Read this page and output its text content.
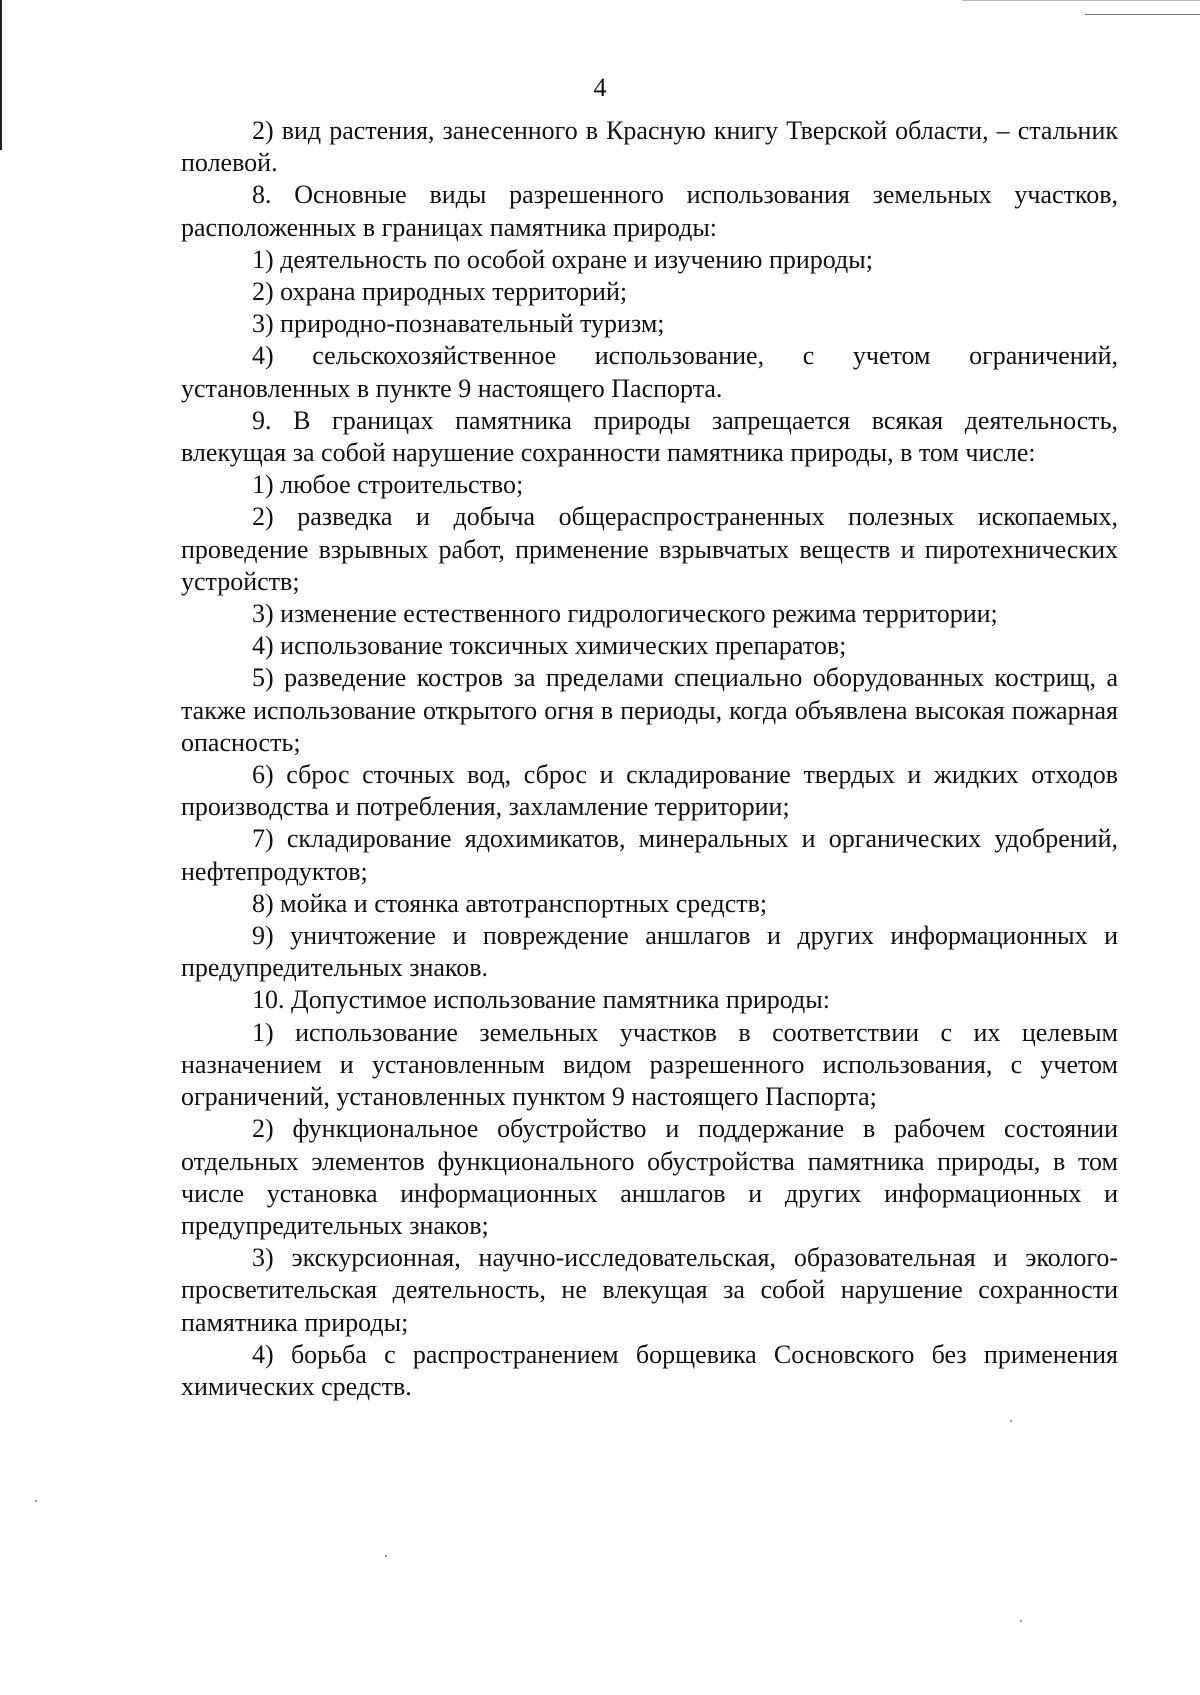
4

2) вид растения, занесенного в Красную книгу Тверской области, – стальник полевой.

8. Основные виды разрешенного использования земельных участков, расположенных в границах памятника природы:

1) деятельность по особой охране и изучению природы;

2) охрана природных территорий;

3) природно-познавательный туризм;

4) сельскохозяйственное использование, с учетом ограничений, установленных в пункте 9 настоящего Паспорта.

9. В границах памятника природы запрещается всякая деятельность, влекущая за собой нарушение сохранности памятника природы, в том числе:

1) любое строительство;

2) разведка и добыча общераспространенных полезных ископаемых, проведение взрывных работ, применение взрывчатых веществ и пиротехнических устройств;

3) изменение естественного гидрологического режима территории;

4) использование токсичных химических препаратов;

5) разведение костров за пределами специально оборудованных кострищ, а также использование открытого огня в периоды, когда объявлена высокая пожарная опасность;

6) сброс сточных вод, сброс и складирование твердых и жидких отходов производства и потребления, захламление территории;

7) складирование ядохимикатов, минеральных и органических удобрений, нефтепродуктов;

8) мойка и стоянка автотранспортных средств;

9) уничтожение и повреждение аншлагов и других информационных и предупредительных знаков.

10. Допустимое использование памятника природы:

1) использование земельных участков в соответствии с их целевым назначением и установленным видом разрешенного использования, с учетом ограничений, установленных пунктом 9 настоящего Паспорта;

2) функциональное обустройство и поддержание в рабочем состоянии отдельных элементов функционального обустройства памятника природы, в том числе установка информационных аншлагов и других информационных и предупредительных знаков;

3) экскурсионная, научно-исследовательская, образовательная и эколого-просветительская деятельность, не влекущая за собой нарушение сохранности памятника природы;

4) борьба с распространением борщевика Сосновского без применения химических средств.
